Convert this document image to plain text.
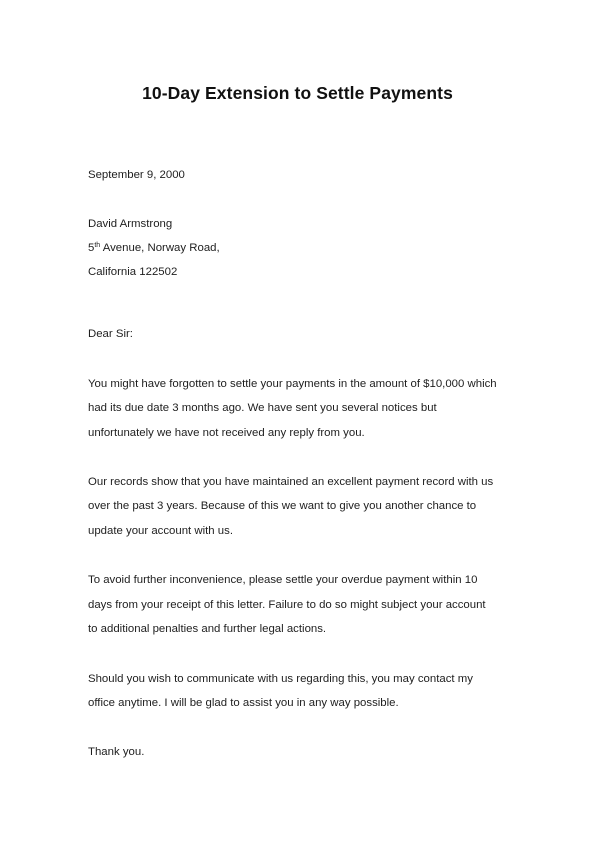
10-Day Extension to Settle Payments
September 9, 2000
David Armstrong
5th Avenue, Norway Road,
California 122502
Dear Sir:
You might have forgotten to settle your payments in the amount of $10,000 which
had its due date 3 months ago. We have sent you several notices but
unfortunately we have not received any reply from you.
Our records show that you have maintained an excellent payment record with us
over the past 3 years. Because of this we want to give you another chance to
update your account with us.
To avoid further inconvenience, please settle your overdue payment within 10
days from your receipt of this letter. Failure to do so might subject your account
to additional penalties and further legal actions.
Should you wish to communicate with us regarding this, you may contact my
office anytime. I will be glad to assist you in any way possible.
Thank you.
